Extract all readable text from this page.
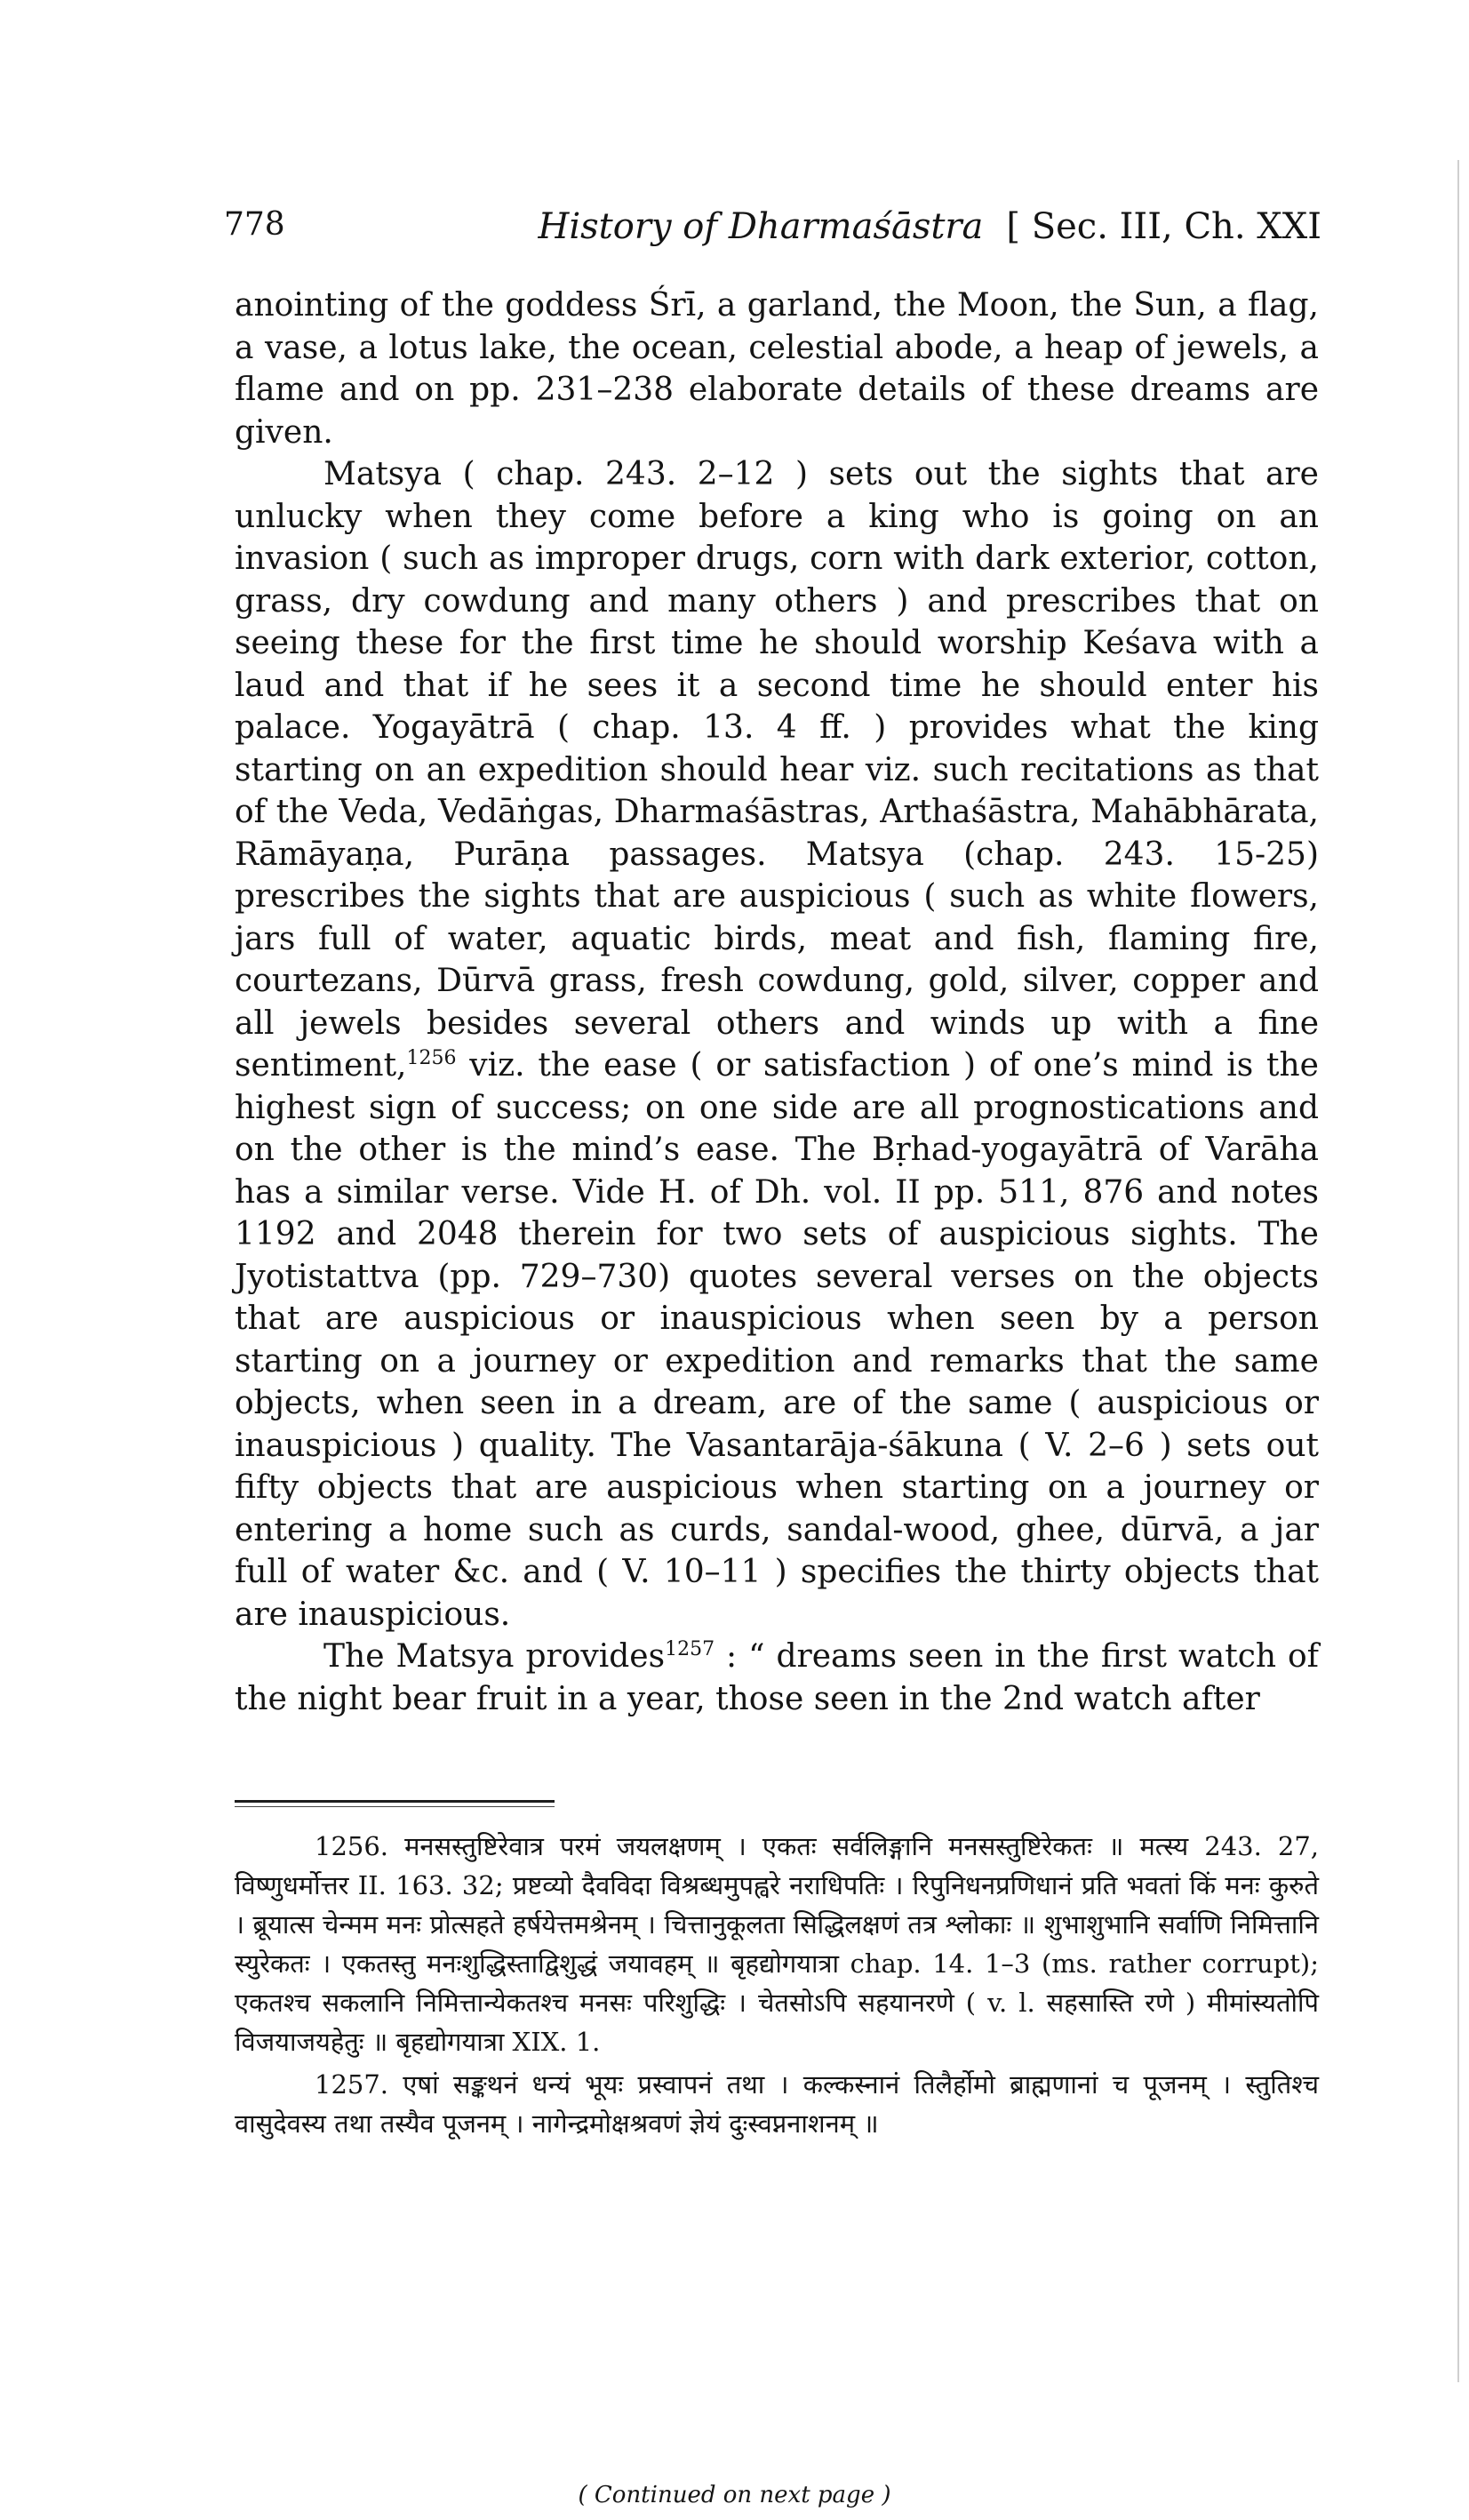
778	History of Dharmaśāstra [ Sec. III, Ch. XXI

anointing of the goddess Śrī, a garland, the Moon, the Sun, a flag, a vase, a lotus lake, the ocean, celestial abode, a heap of jewels, a flame and on pp. 231–238 elaborate details of these dreams are given.

Matsya ( chap. 243. 2–12 ) sets out the sights that are unlucky when they come before a king who is going on an invasion ( such as improper drugs, corn with dark exterior, cotton, grass, dry cowdung and many others ) and prescribes that on seeing these for the first time he should worship Keśava with a laud and that if he sees it a second time he should enter his palace. Yogayātrā ( chap. 13. 4 ff. ) provides what the king starting on an expedition should hear viz. such recitations as that of the Veda, Vedāṅgas, Dharmaśāstras, Arthaśāstra, Mahābhārata, Rāmāyaṇa, Purāṇa passages. Matsya (chap. 243. 15-25) prescribes the sights that are auspicious ( such as white flowers, jars full of water, aquatic birds, meat and fish, flaming fire, courtezans, Dūrvā grass, fresh cowdung, gold, silver, copper and all jewels besides several others and winds up with a fine sentiment,$^{1256}$ viz. the ease ( or satisfaction ) of one’s mind is the highest sign of success; on one side are all prognostications and on the other is the mind’s ease. The Bṛhad-yogayātrā of Varāha has a similar verse. Vide H. of Dh. vol. II pp. 511, 876 and notes 1192 and 2048 therein for two sets of auspicious sights. The Jyotistattva (pp. 729–730) quotes several verses on the objects that are auspicious or inauspicious when seen by a person starting on a journey or expedition and remarks that the same objects, when seen in a dream, are of the same ( auspicious or inauspicious ) quality. The Vasantarāja-śākuna ( V. 2–6 ) sets out fifty objects that are auspicious when starting on a journey or entering a home such as curds, sandal-wood, ghee, dūrvā, a jar full of water &c. and ( V. 10–11 ) specifies the thirty objects that are inauspicious.

The Matsya provides$^{1257}$ : “ dreams seen in the first watch of the night bear fruit in a year, those seen in the 2nd watch after

1256. मनसस्तुष्टिरेवात्र परमं जयलक्षणम् । एकतः सर्वलिङ्गानि मनसस्तुष्टिरेकतः ॥ मत्स्य 243. 27, विष्णुधर्मोत्तर II. 163. 32; प्रष्टव्यो दैवविदा विश्रब्धमुपह्वरे नराधिपतिः । रिपुनिधनप्रणिधानं प्रति भवतां किं मनः कुरुते । ब्रूयात्स चेन्मम मनः प्रोत्सहते हर्षयेत्तमश्रेनम् । चित्तानुकूलता सिद्धिलक्षणं तत्र श्लोकाः ॥ शुभाशुभानि सर्वाणि निमित्तानि स्युरेकतः । एकतस्तु मनःशुद्धिस्ताद्विशुद्धं जयावहम् ॥ बृहद्योगयात्रा chap. 14. 1–3 (ms. rather corrupt); एकतश्च सकलानि निमित्तान्येकतश्च मनसः परिशुद्धिः । चेतसोऽपि सहयानरणे ( v. l. सहसास्ति रणे ) मीमांस्यतोपि विजयाजयहेतुः ॥ बृहद्योगयात्रा XIX. 1.

1257. एषां सङ्कथनं धन्यं भूयः प्रस्वापनं तथा । कल्कस्नानं तिलैर्होमो ब्राह्मणानां च पूजनम् । स्तुतिश्च वासुदेवस्य तथा तस्यैव पूजनम् । नागेन्द्रमोक्षश्रवणं ज्ञेयं दुःस्वप्ननाशनम् ॥

( Continued on next page )
